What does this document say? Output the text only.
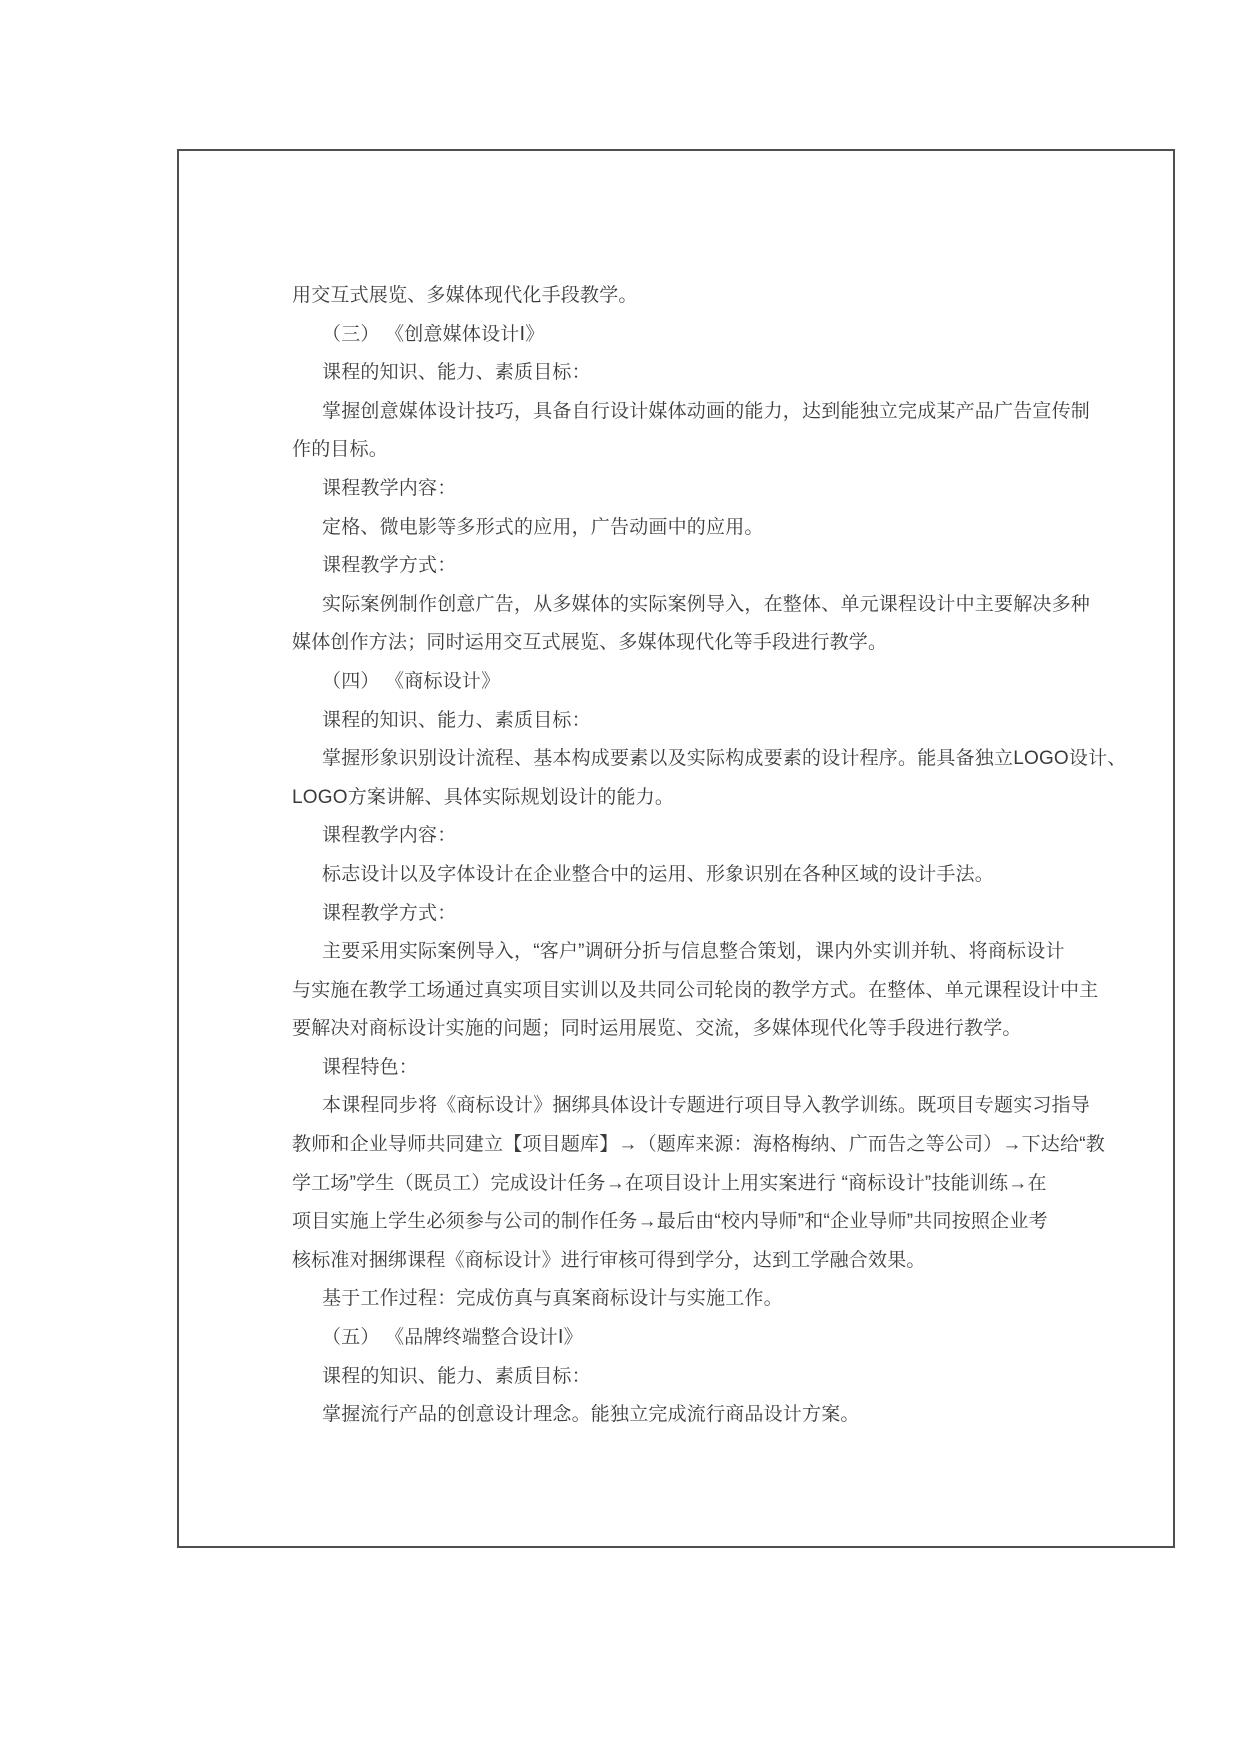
用交互式展览、多媒体现代化手段教学。
（三） 《创意媒体设计Ⅰ》
课程的知识、能力、素质目标：
掌握创意媒体设计技巧，具备自行设计媒体动画的能力，达到能独立完成某产品广告宣传制
作的目标。
课程教学内容：
定格、微电影等多形式的应用，广告动画中的应用。
课程教学方式：
实际案例制作创意广告，从多媒体的实际案例导入，在整体、单元课程设计中主要解决多种
媒体创作方法；同时运用交互式展览、多媒体现代化等手段进行教学。
（四） 《商标设计》
课程的知识、能力、素质目标：
掌握形象识别设计流程、基本构成要素以及实际构成要素的设计程序。能具备独立LOGO设计、
LOGO方案讲解、具体实际规划设计的能力。
课程教学内容：
标志设计以及字体设计在企业整合中的运用、形象识别在各种区域的设计手法。
课程教学方式：
主要采用实际案例导入，“客户”调研分折与信息整合策划，课内外实训并轨、将商标设计
与实施在教学工场通过真实项目实训以及共同公司轮岗的教学方式。在整体、单元课程设计中主
要解决对商标设计实施的问题；同时运用展览、交流，多媒体现代化等手段进行教学。
课程特色：
本课程同步将《商标设计》捆绑具体设计专题进行项目导入教学训练。既项目专题实习指导
教师和企业导师共同建立【项目题库】→（题库来源：海格梅纳、广而告之等公司）→下达给“教
学工场”学生（既员工）完成设计任务→在项目设计上用实案进行 “商标设计”技能训练→在
项目实施上学生必须参与公司的制作任务→最后由“校内导师”和“企业导师”共同按照企业考
核标准对捆绑课程《商标设计》进行审核可得到学分，达到工学融合效果。
基于工作过程：完成仿真与真案商标设计与实施工作。
（五） 《品牌终端整合设计Ⅰ》
课程的知识、能力、素质目标：
掌握流行产品的创意设计理念。能独立完成流行商品设计方案。
